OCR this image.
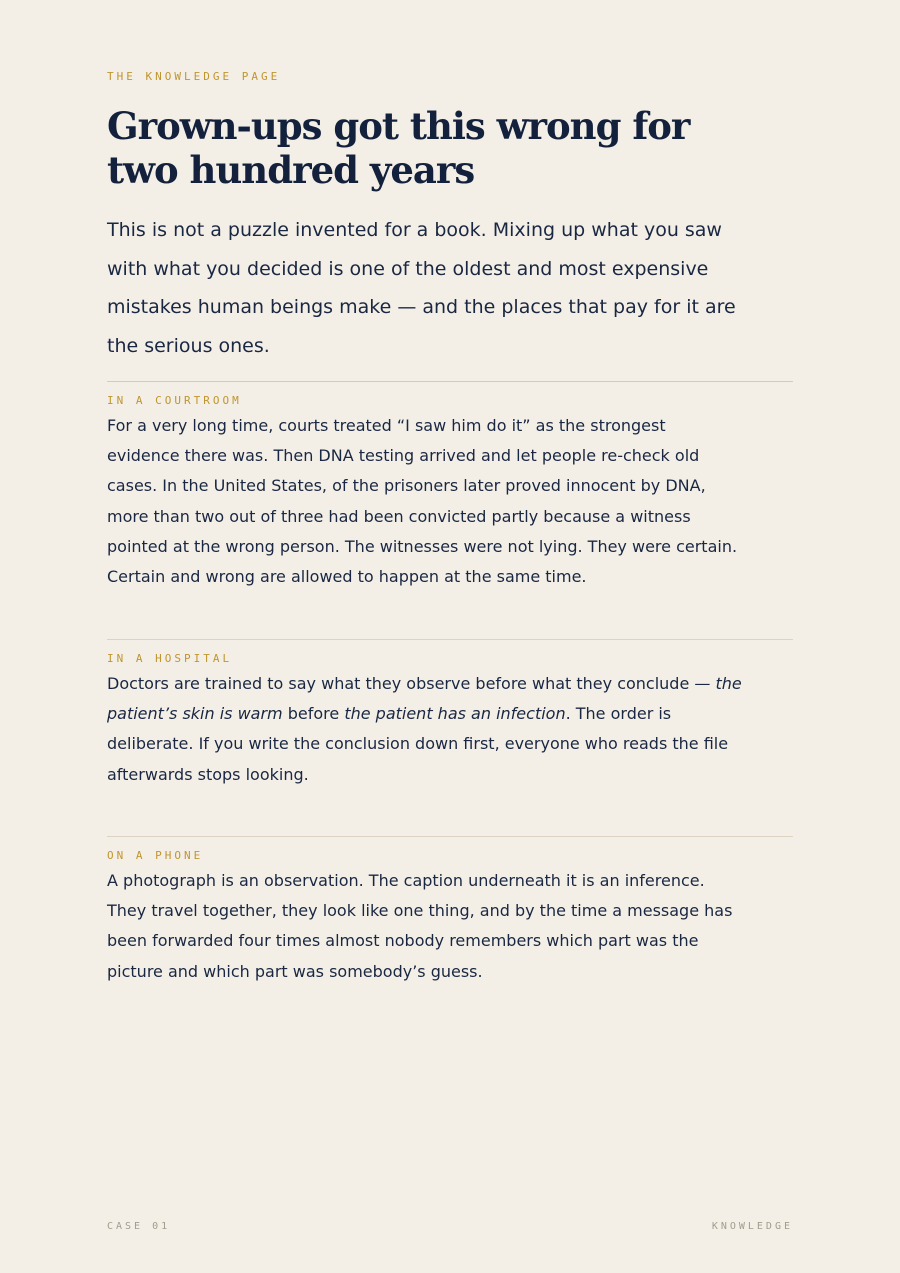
THE KNOWLEDGE PAGE

Grown-ups got this wrong for two hundred years

This is not a puzzle invented for a book. Mixing up what you saw with what you decided is one of the oldest and most expensive mistakes human beings make — and the places that pay for it are the serious ones.

IN A COURTROOM

For a very long time, courts treated “I saw him do it” as the strongest evidence there was. Then DNA testing arrived and let people re-check old cases. In the United States, of the prisoners later proved innocent by DNA, more than two out of three had been convicted partly because a witness pointed at the wrong person. The witnesses were not lying. They were certain. Certain and wrong are allowed to happen at the same time.

IN A HOSPITAL

Doctors are trained to say what they observe before what they conclude — the patient’s skin is warm before the patient has an infection. The order is deliberate. If you write the conclusion down first, everyone who reads the file afterwards stops looking.

ON A PHONE

A photograph is an observation. The caption underneath it is an inference. They travel together, they look like one thing, and by the time a message has been forwarded four times almost nobody remembers which part was the picture and which part was somebody’s guess.

CASE 01	KNOWLEDGE
